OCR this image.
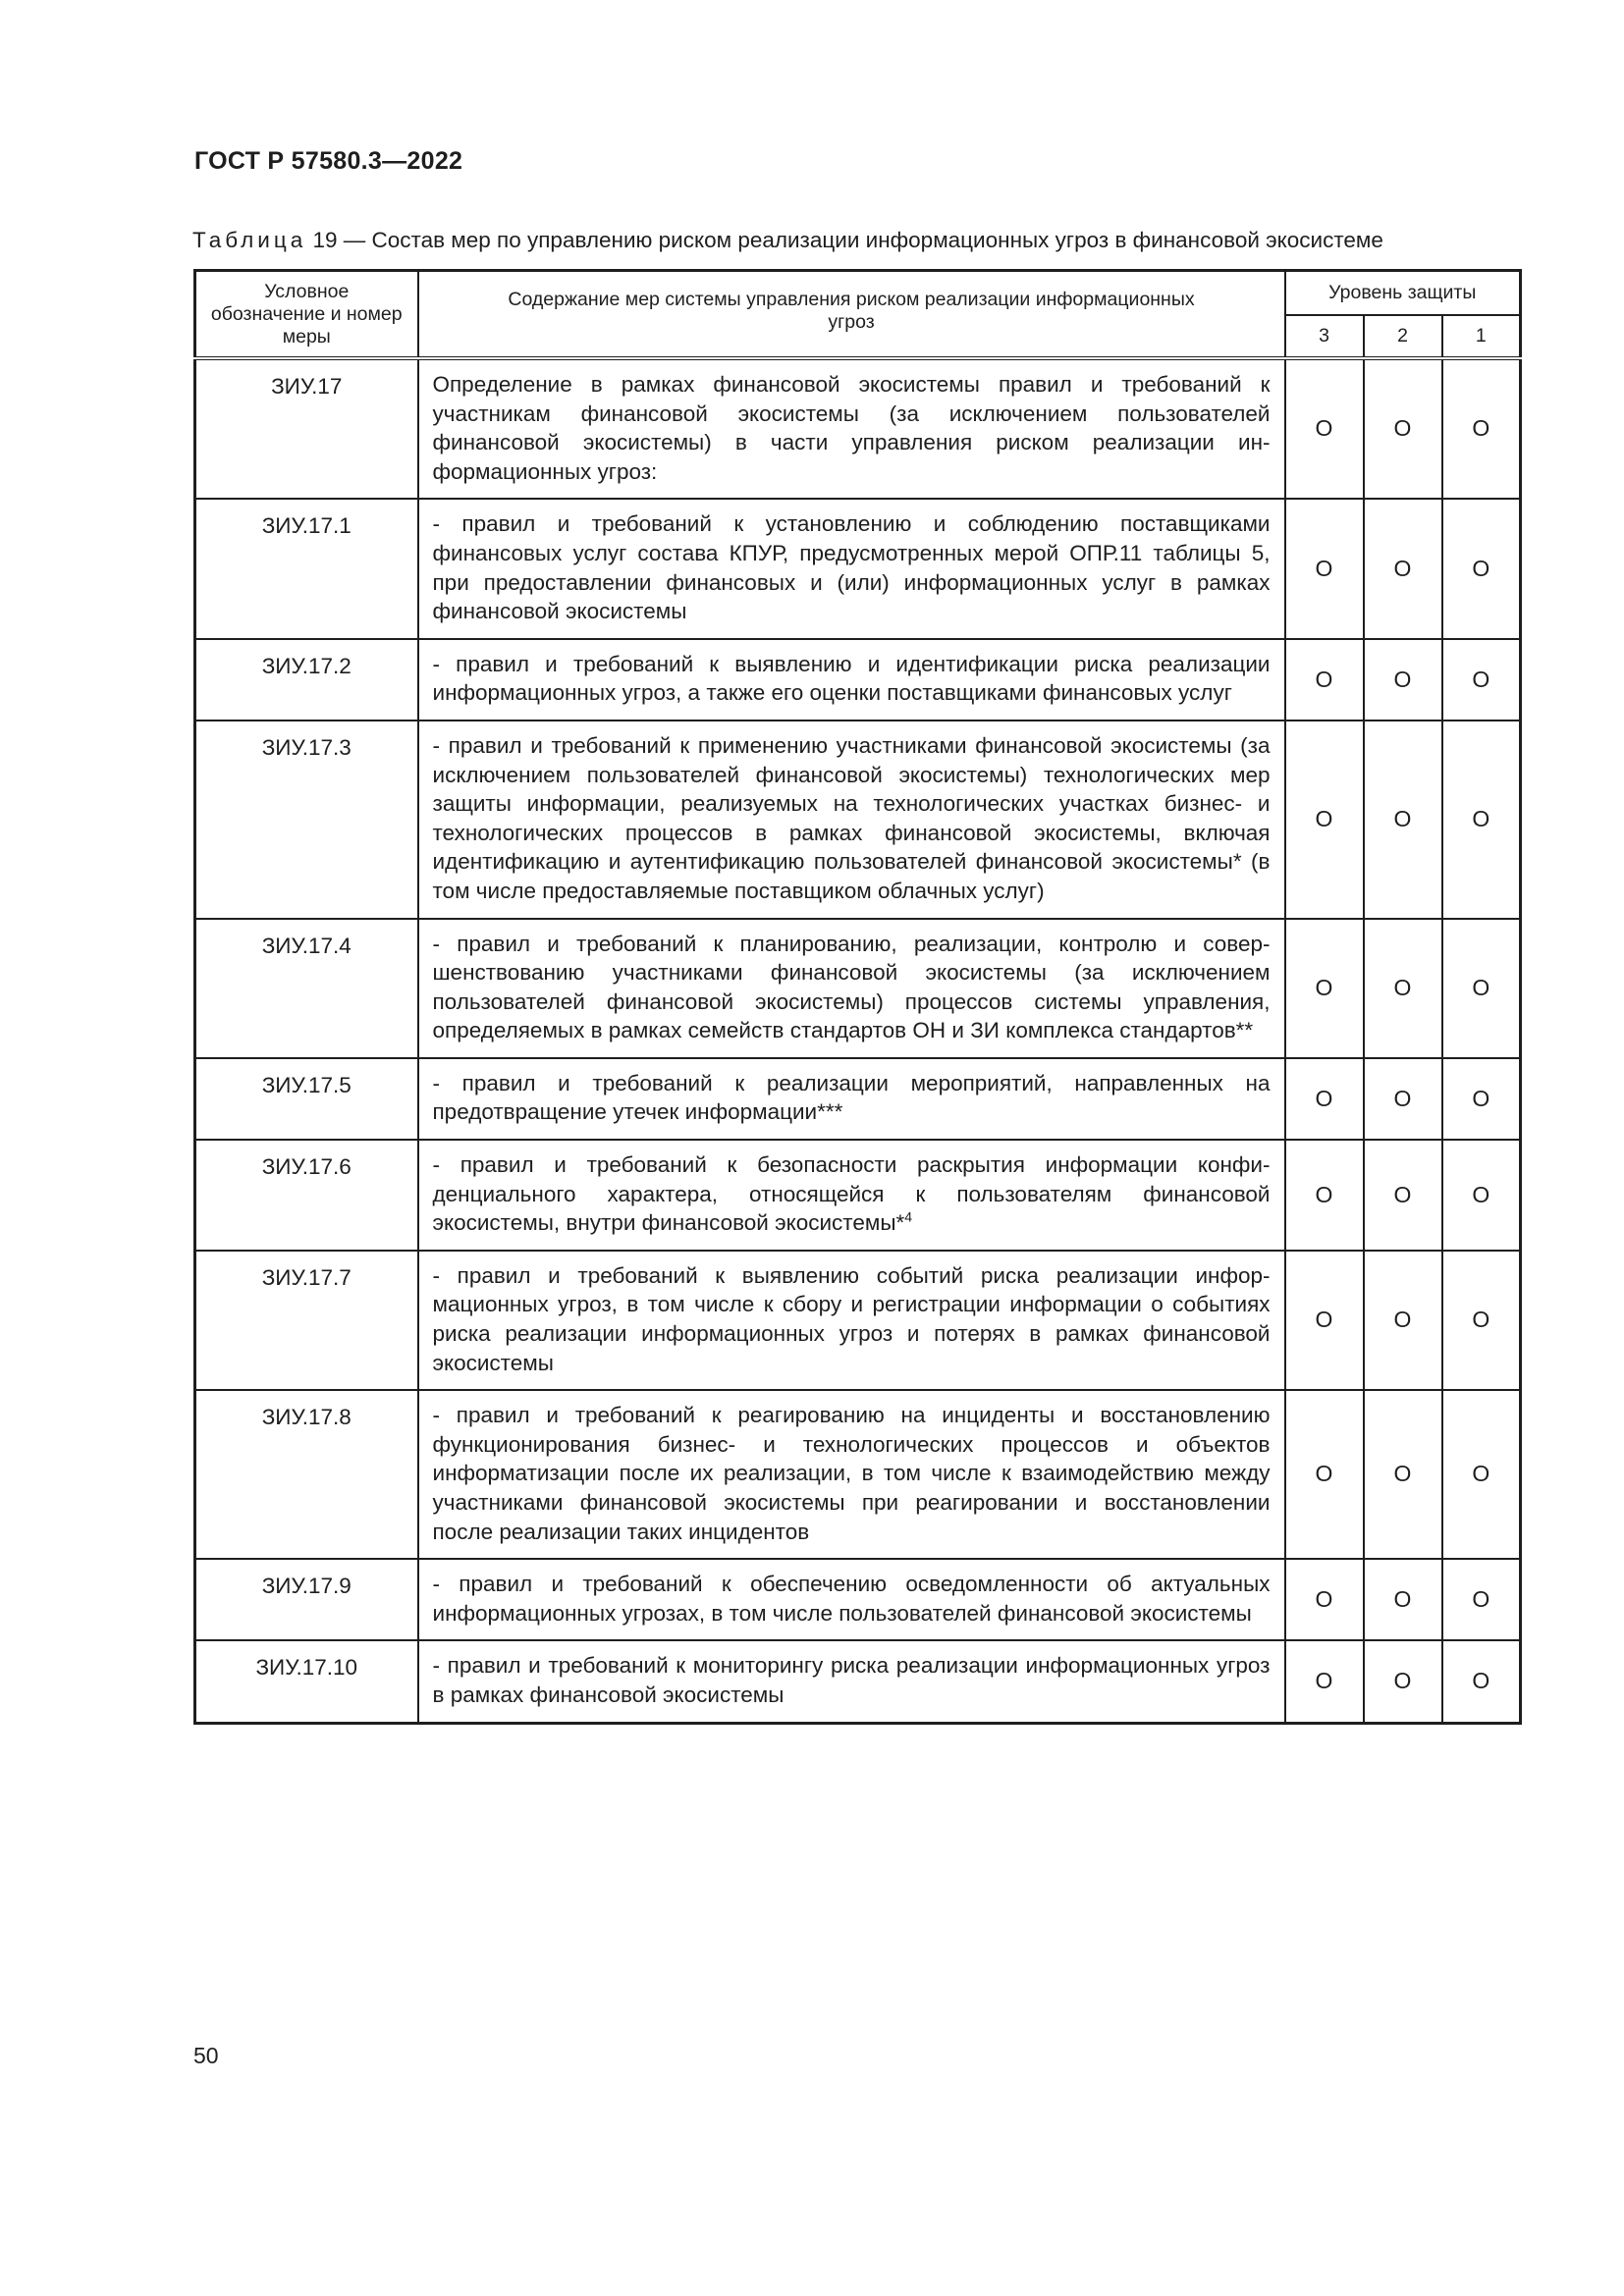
ГОСТ Р 57580.3—2022
Таблица 19 — Состав мер по управлению риском реализации информационных угроз в финансовой экосистеме
Условное обозначение и номер меры	Содержание мер системы управления риском реализации информационных угроз	Уровень защиты		
		3	2	1
ЗИУ.17	Определение в рамках финансовой экосистемы правил и требований к участникам финансовой экосистемы (за исключением пользователей финансовой экосистемы) в части управления риском реализации информационных угроз:	О	О	О
ЗИУ.17.1	- правил и требований к установлению и соблюдению поставщиками финансовых услуг состава КПУР, предусмотренных мерой ОПР.11 таблицы 5, при предоставлении финансовых и (или) информационных услуг в рамках финансовой экосистемы	О	О	О
ЗИУ.17.2	- правил и требований к выявлению и идентификации риска реализации информационных угроз, а также его оценки поставщиками финансовых услуг	О	О	О
ЗИУ.17.3	- правил и требований к применению участниками финансовой экосистемы (за исключением пользователей финансовой экосистемы) технологических мер защиты информации, реализуемых на технологических участках бизнес- и технологических процессов в рамках финансовой экосистемы, включая идентификацию и аутентификацию пользователей финансовой экосистемы* (в том числе предоставляемые поставщиком облачных услуг)	О	О	О
ЗИУ.17.4	- правил и требований к планированию, реализации, контролю и совершенствованию участниками финансовой экосистемы (за исключением пользователей финансовой экосистемы) процессов системы управления, определяемых в рамках семейств стандартов ОН и ЗИ комплекса стандартов**	О	О	О
ЗИУ.17.5	- правил и требований к реализации мероприятий, направленных на предотвращение утечек информации***	О	О	О
ЗИУ.17.6	- правил и требований к безопасности раскрытия информации конфиденциального характера, относящейся к пользователям финансовой экосистемы, внутри финансовой экосистемы*$^4$	О	О	О
ЗИУ.17.7	- правил и требований к выявлению событий риска реализации информационных угроз, в том числе к сбору и регистрации информации о событиях риска реализации информационных угроз и потерях в рамках финансовой экосистемы	О	О	О
ЗИУ.17.8	- правил и требований к реагированию на инциденты и восстановлению функционирования бизнес- и технологических процессов и объектов информатизации после их реализации, в том числе к взаимодействию между участниками финансовой экосистемы при реагировании и восстановлении после реализации таких инцидентов	О	О	О
ЗИУ.17.9	- правил и требований к обеспечению осведомленности об актуальных информационных угрозах, в том числе пользователей финансовой экосистемы	О	О	О
ЗИУ.17.10	- правил и требований к мониторингу риска реализации информационных угроз в рамках финансовой экосистемы	О	О	О
50
